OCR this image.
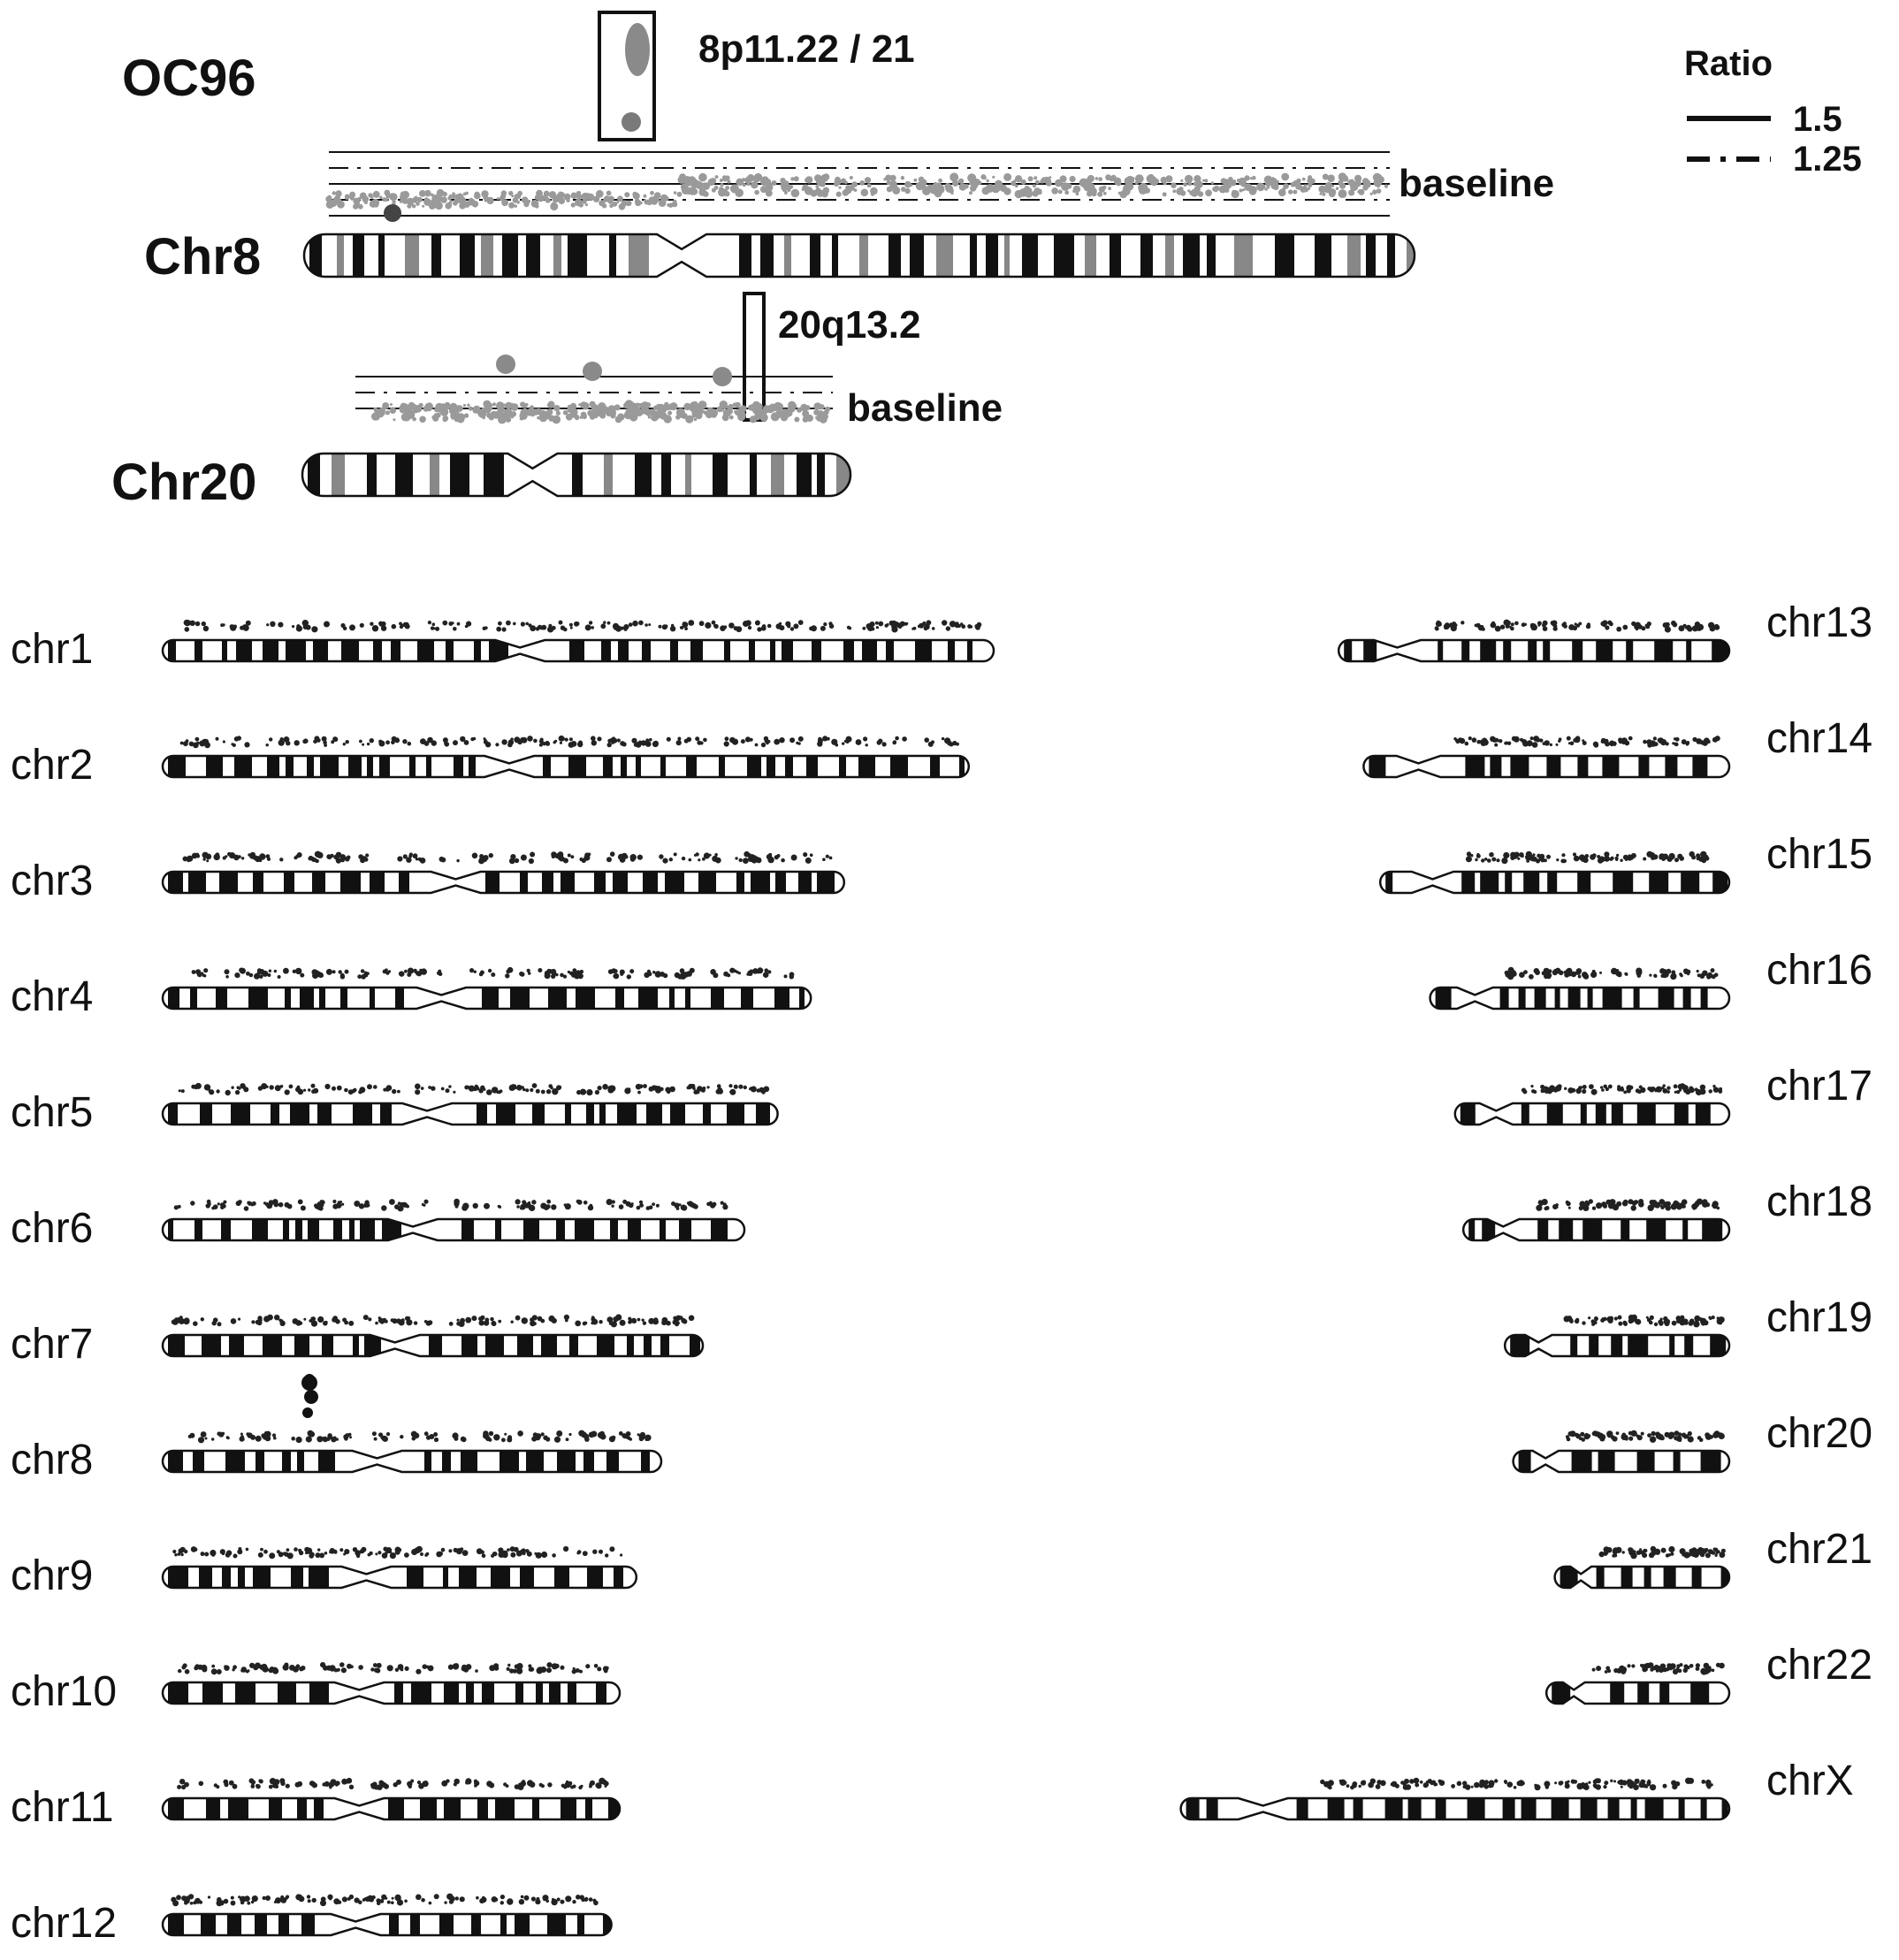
OC96	Ratio
1.5
1.25
8p11.22 / 21
baseline
Chr8
20q13.2
baseline
Chr20
chr1
chr2
chr3
chr4
chr5
chr6
chr7
chr8
chr9
chr10
chr11
chr12
chr13
chr14
chr15
chr16
chr17
chr18
chr19
chr20
chr21
chr22
chrX
